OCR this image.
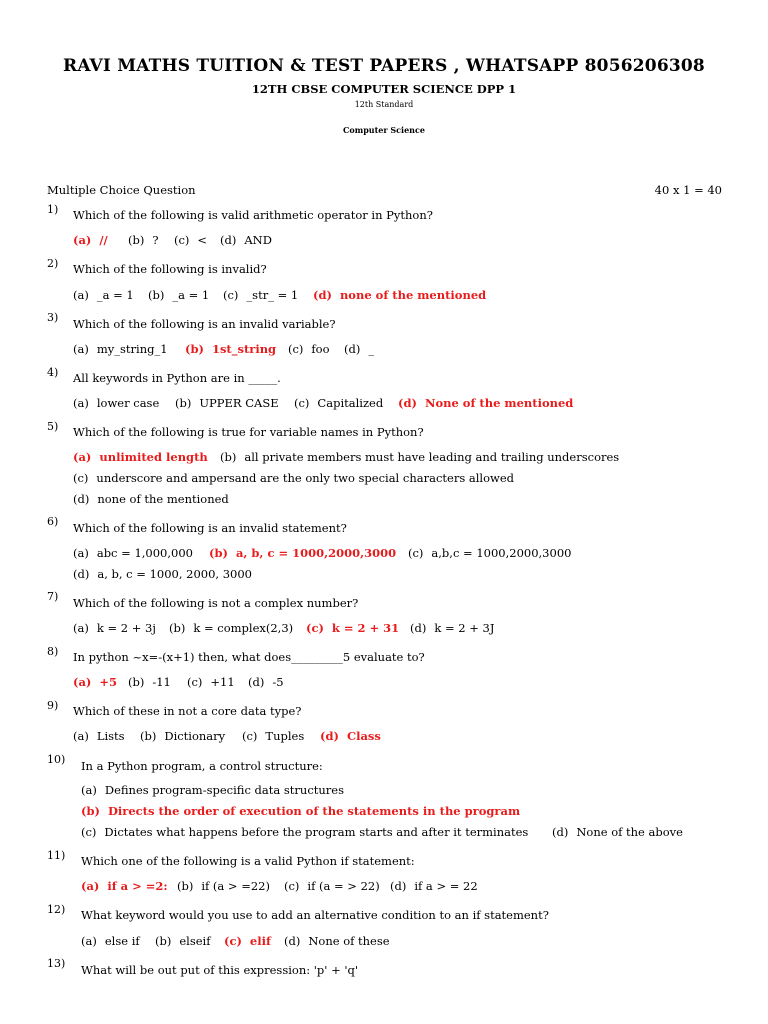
RAVI MATHS TUITION & TEST PAPERS , WHATSAPP 8056206308
12TH CBSE COMPUTER SCIENCE DPP 1
12th Standard
Computer Science
Multiple Choice Question	40 x 1 = 40
1) Which of the following is valid arithmetic operator in Python?
(a) // (b) ? (c) < (d) AND
2) Which of the following is invalid?
(a) _a = 1 (b) _a = 1 (c) _str_ = 1 (d) none of the mentioned
3) Which of the following is an invalid variable?
(a) my_string_1 (b) 1st_string (c) foo (d) _
4) All keywords in Python are in _____.
(a) lower case (b) UPPER CASE (c) Capitalized (d) None of the mentioned
5) Which of the following is true for variable names in Python?
(a) unlimited length (b) all private members must have leading and trailing underscores
(c) underscore and ampersand are the only two special characters allowed
(d) none of the mentioned
6) Which of the following is an invalid statement?
(a) abc = 1,000,000 (b) a, b, c = 1000,2000,3000 (c) a,b,c = 1000,2000,3000
(d) a, b, c = 1000, 2000, 3000
7) Which of the following is not a complex number?
(a) k = 2 + 3j (b) k = complex(2,3) (c) k = 2 + 31 (d) k = 2 + 3J
8) In python ~x=-(x+1) then, what does_________5 evaluate to?
(a) +5 (b) -11 (c) +11 (d) -5
9) Which of these in not a core data type?
(a) Lists (b) Dictionary (c) Tuples (d) Class
10) In a Python program, a control structure:
(a) Defines program-specific data structures
(b) Directs the order of execution of the statements in the program
(c) Dictates what happens before the program starts and after it terminates (d) None of the above
11) Which one of the following is a valid Python if statement:
(a) if a > =2: (b) if (a > =22) (c) if (a = > 22) (d) if a > = 22
12) What keyword would you use to add an alternative condition to an if statement?
(a) else if (b) elseif (c) elif (d) None of these
13) What will be out put of this expression: 'p' + 'q'
